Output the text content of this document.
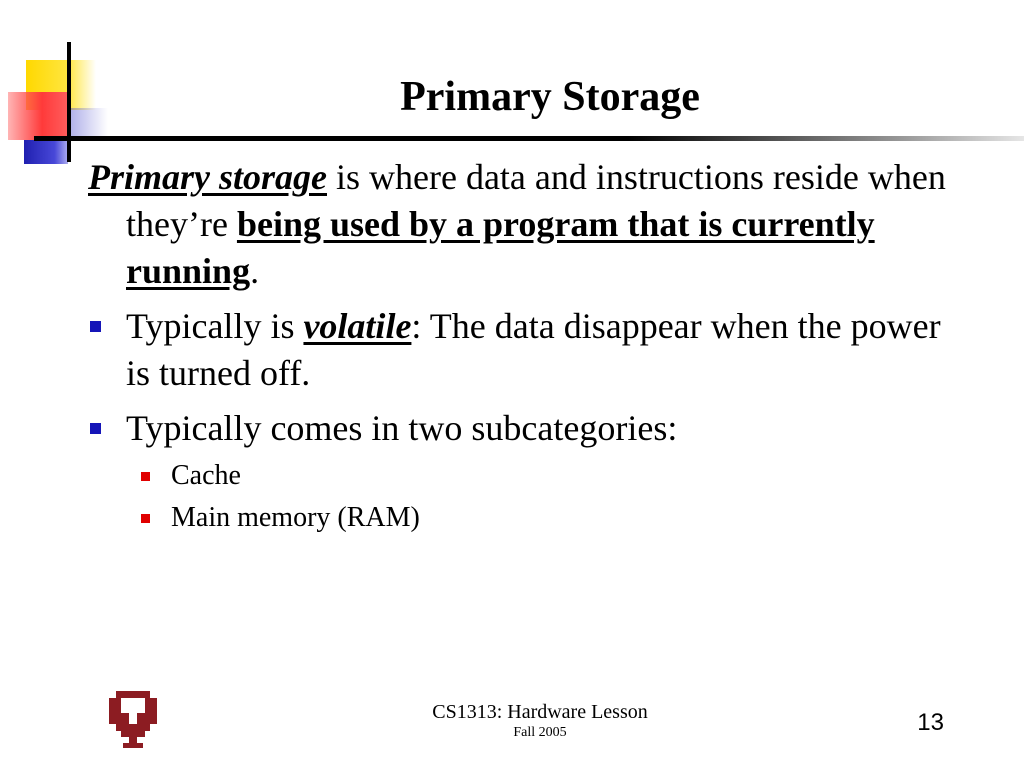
Primary Storage
Primary storage is where data and instructions reside when they’re being used by a program that is currently running.
Typically is volatile: The data disappear when the power is turned off.
Typically comes in two subcategories:
Cache
Main memory (RAM)
CS1313: Hardware Lesson
Fall 2005	13
